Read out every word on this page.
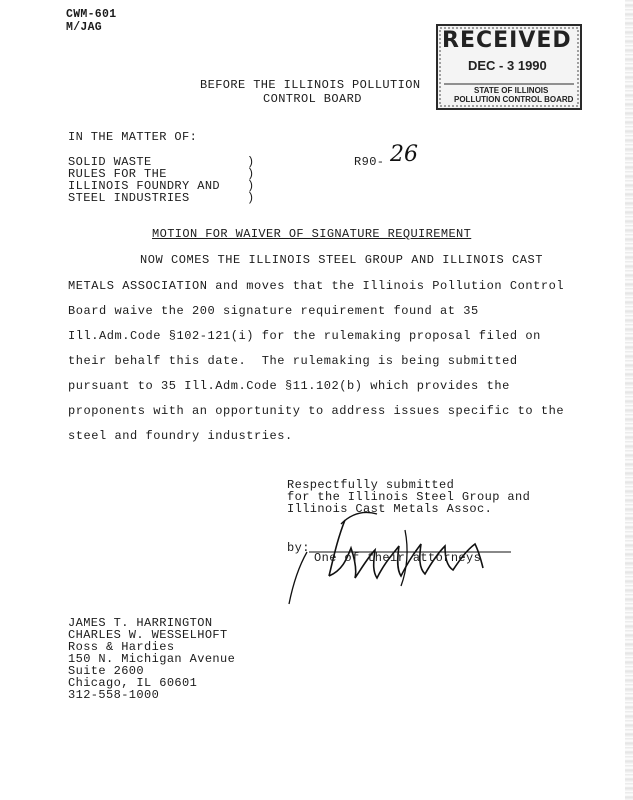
CWM-601
M/JAG
BEFORE THE ILLINOIS POLLUTION
CONTROL BOARD
RECEIVED
DEC - 3 1990
STATE OF ILLINOIS
POLLUTION CONTROL BOARD
IN THE MATTER OF:
SOLID WASTE
RULES FOR THE
ILLINOIS FOUNDRY AND
STEEL INDUSTRIES
)
)
)
)
R90- 26
MOTION FOR WAIVER OF SIGNATURE REQUIREMENT
NOW COMES THE ILLINOIS STEEL GROUP AND ILLINOIS CAST
METALS ASSOCIATION and moves that the Illinois Pollution Control
Board waive the 200 signature requirement found at 35
Ill.Adm.Code §102-121(i) for the rulemaking proposal filed on
their behalf this date.  The rulemaking is being submitted
pursuant to 35 Ill.Adm.Code §11.102(b) which provides the
proponents with an opportunity to address issues specific to the
steel and foundry industries.
Respectfully submitted
for the Illinois Steel Group and
Illinois Cast Metals Assoc.
by:
One of their attorneys
JAMES T. HARRINGTON
CHARLES W. WESSELHOFT
Ross & Hardies
150 N. Michigan Avenue
Suite 2600
Chicago, IL 60601
312-558-1000
